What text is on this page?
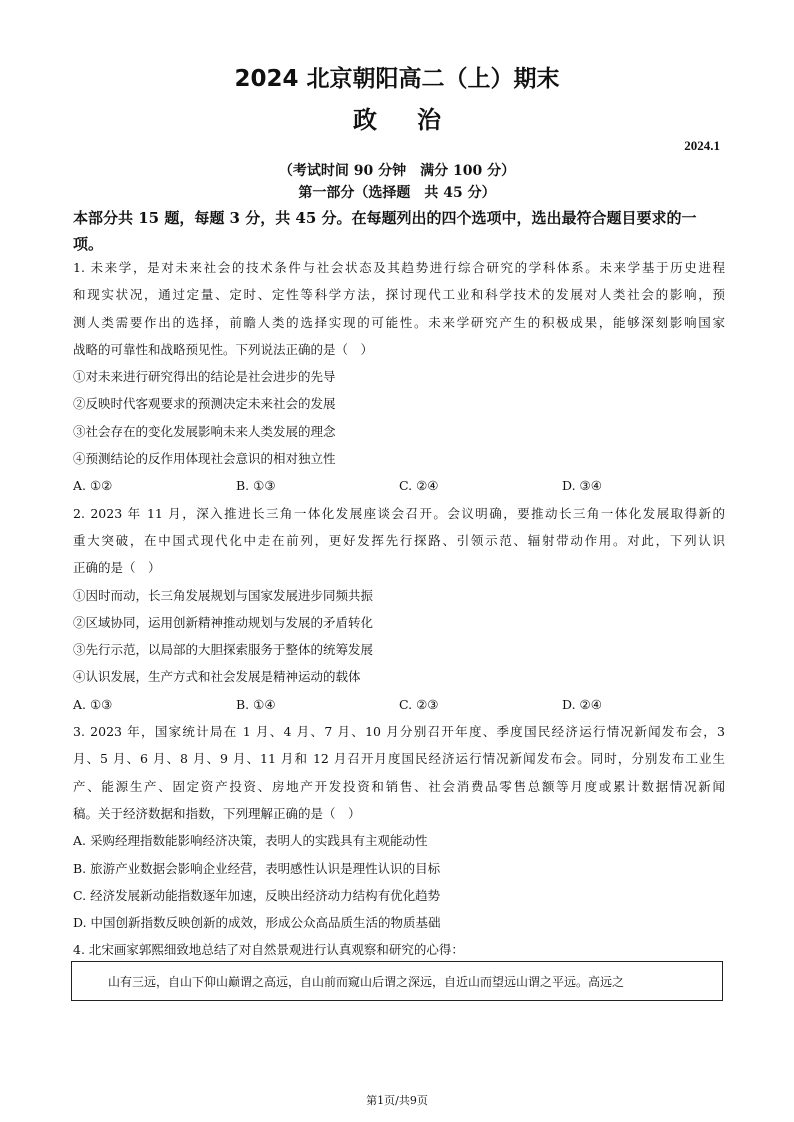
2024 北京朝阳高二（上）期末
政治
2024.1
（考试时间 90 分钟　满分 100 分）
第一部分（选择题　共 45 分）
本部分共 15 题，每题 3 分，共 45 分。在每题列出的四个选项中，选出最符合题目要求的一项。
1. 未来学，是对未来社会的技术条件与社会状态及其趋势进行综合研究的学科体系。未来学基于历史进程
和现实状况，通过定量、定时、定性等科学方法，探讨现代工业和科学技术的发展对人类社会的影响，预
测人类需要作出的选择，前瞻人类的选择实现的可能性。未来学研究产生的积极成果，能够深刻影响国家
战略的可靠性和战略预见性。下列说法正确的是（　）
①对未来进行研究得出的结论是社会进步的先导
②反映时代客观要求的预测决定未来社会的发展
③社会存在的变化发展影响未来人类发展的理念
④预测结论的反作用体现社会意识的相对独立性
A. ①②	B. ①③	C. ②④	D. ③④
2. 2023 年 11 月，深入推进长三角一体化发展座谈会召开。会议明确，要推动长三角一体化发展取得新的
重大突破，在中国式现代化中走在前列，更好发挥先行探路、引领示范、辐射带动作用。对此，下列认识
正确的是（　）
①因时而动，长三角发展规划与国家发展进步同频共振
②区域协同，运用创新精神推动规划与发展的矛盾转化
③先行示范，以局部的大胆探索服务于整体的统筹发展
④认识发展，生产方式和社会发展是精神运动的载体
A. ①③	B. ①④	C. ②③	D. ②④
3. 2023 年，国家统计局在 1 月、4 月、7 月、10 月分别召开年度、季度国民经济运行情况新闻发布会，3
月、5 月、6 月、8 月、9 月、11 月和 12 月召开月度国民经济运行情况新闻发布会。同时，分别发布工业生
产、能源生产、固定资产投资、房地产开发投资和销售、社会消费品零售总额等月度或累计数据情况新闻
稿。关于经济数据和指数，下列理解正确的是（　）
A. 采购经理指数能影响经济决策，表明人的实践具有主观能动性
B. 旅游产业数据会影响企业经营，表明感性认识是理性认识的目标
C. 经济发展新动能指数逐年加速，反映出经济动力结构有优化趋势
D. 中国创新指数反映创新的成效，形成公众高品质生活的物质基础
4. 北宋画家郭熙细致地总结了对自然景观进行认真观察和研究的心得：
山有三远，自山下仰山巅谓之高远，自山前而窥山后谓之深远，自近山而望远山谓之平远。高远之
第1页/共9页
